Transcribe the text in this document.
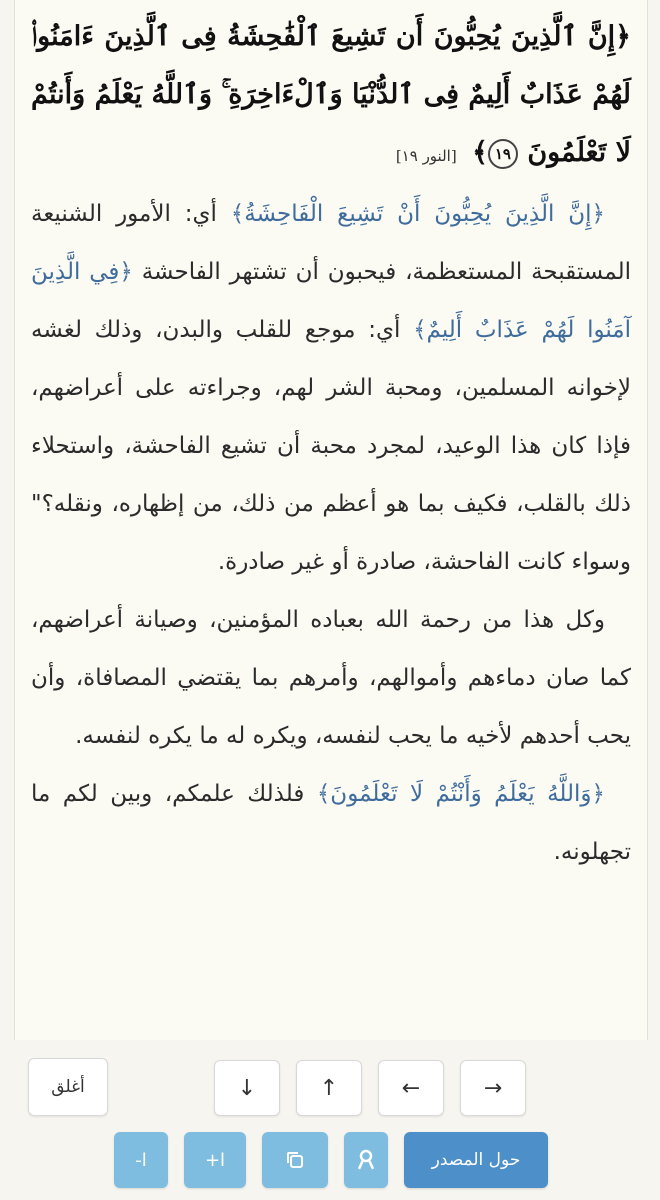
﴿إِنَّ ٱلَّذِينَ يُحِبُّونَ أَن تَشِيعَ ٱلْفَٰحِشَةُ فِى ٱلَّذِينَ ءَامَنُوا۟ لَهُمْ عَذَابٌ أَلِيمٌ فِى ٱلدُّنْيَا وَٱلْءَاخِرَةِ ۚ وَٱللَّهُ يَعْلَمُ وَأَنتُمْ لَا تَعْلَمُونَ ١٩﴾ [النور ١٩]

﴿إِنَّ الَّذِينَ يُحِبُّونَ أَنْ تَشِيعَ الْفَاحِشَةُ﴾ أي: الأمور الشنيعة المستقبحة المستعظمة، فيحبون أن تشتهر الفاحشة ﴿فِي الَّذِينَ آمَنُوا لَهُمْ عَذَابٌ أَلِيمٌ﴾ أي: موجع للقلب والبدن، وذلك لغشه لإخوانه المسلمين، ومحبة الشر لهم، وجراءته على أعراضهم، فإذا كان هذا الوعيد، لمجرد محبة أن تشيع الفاحشة، واستحلاء ذلك بالقلب، فكيف بما هو أعظم من ذلك، من إظهاره، ونقله؟" وسواء كانت الفاحشة، صادرة أو غير صادرة.

وكل هذا من رحمة الله بعباده المؤمنين، وصيانة أعراضهم، كما صان دماءهم وأموالهم، وأمرهم بما يقتضي المصافاة، وأن يحب أحدهم لأخيه ما يحب لنفسه، ويكره له ما يكره لنفسه.

﴿وَاللَّهُ يَعْلَمُ وَأَنْتُمْ لَا تَعْلَمُونَ﴾ فلذلك علمكم، وبين لكم ما تجهلونه.

أغلق	↓	↑	←	→
-ا	+ا	حول المصدر
